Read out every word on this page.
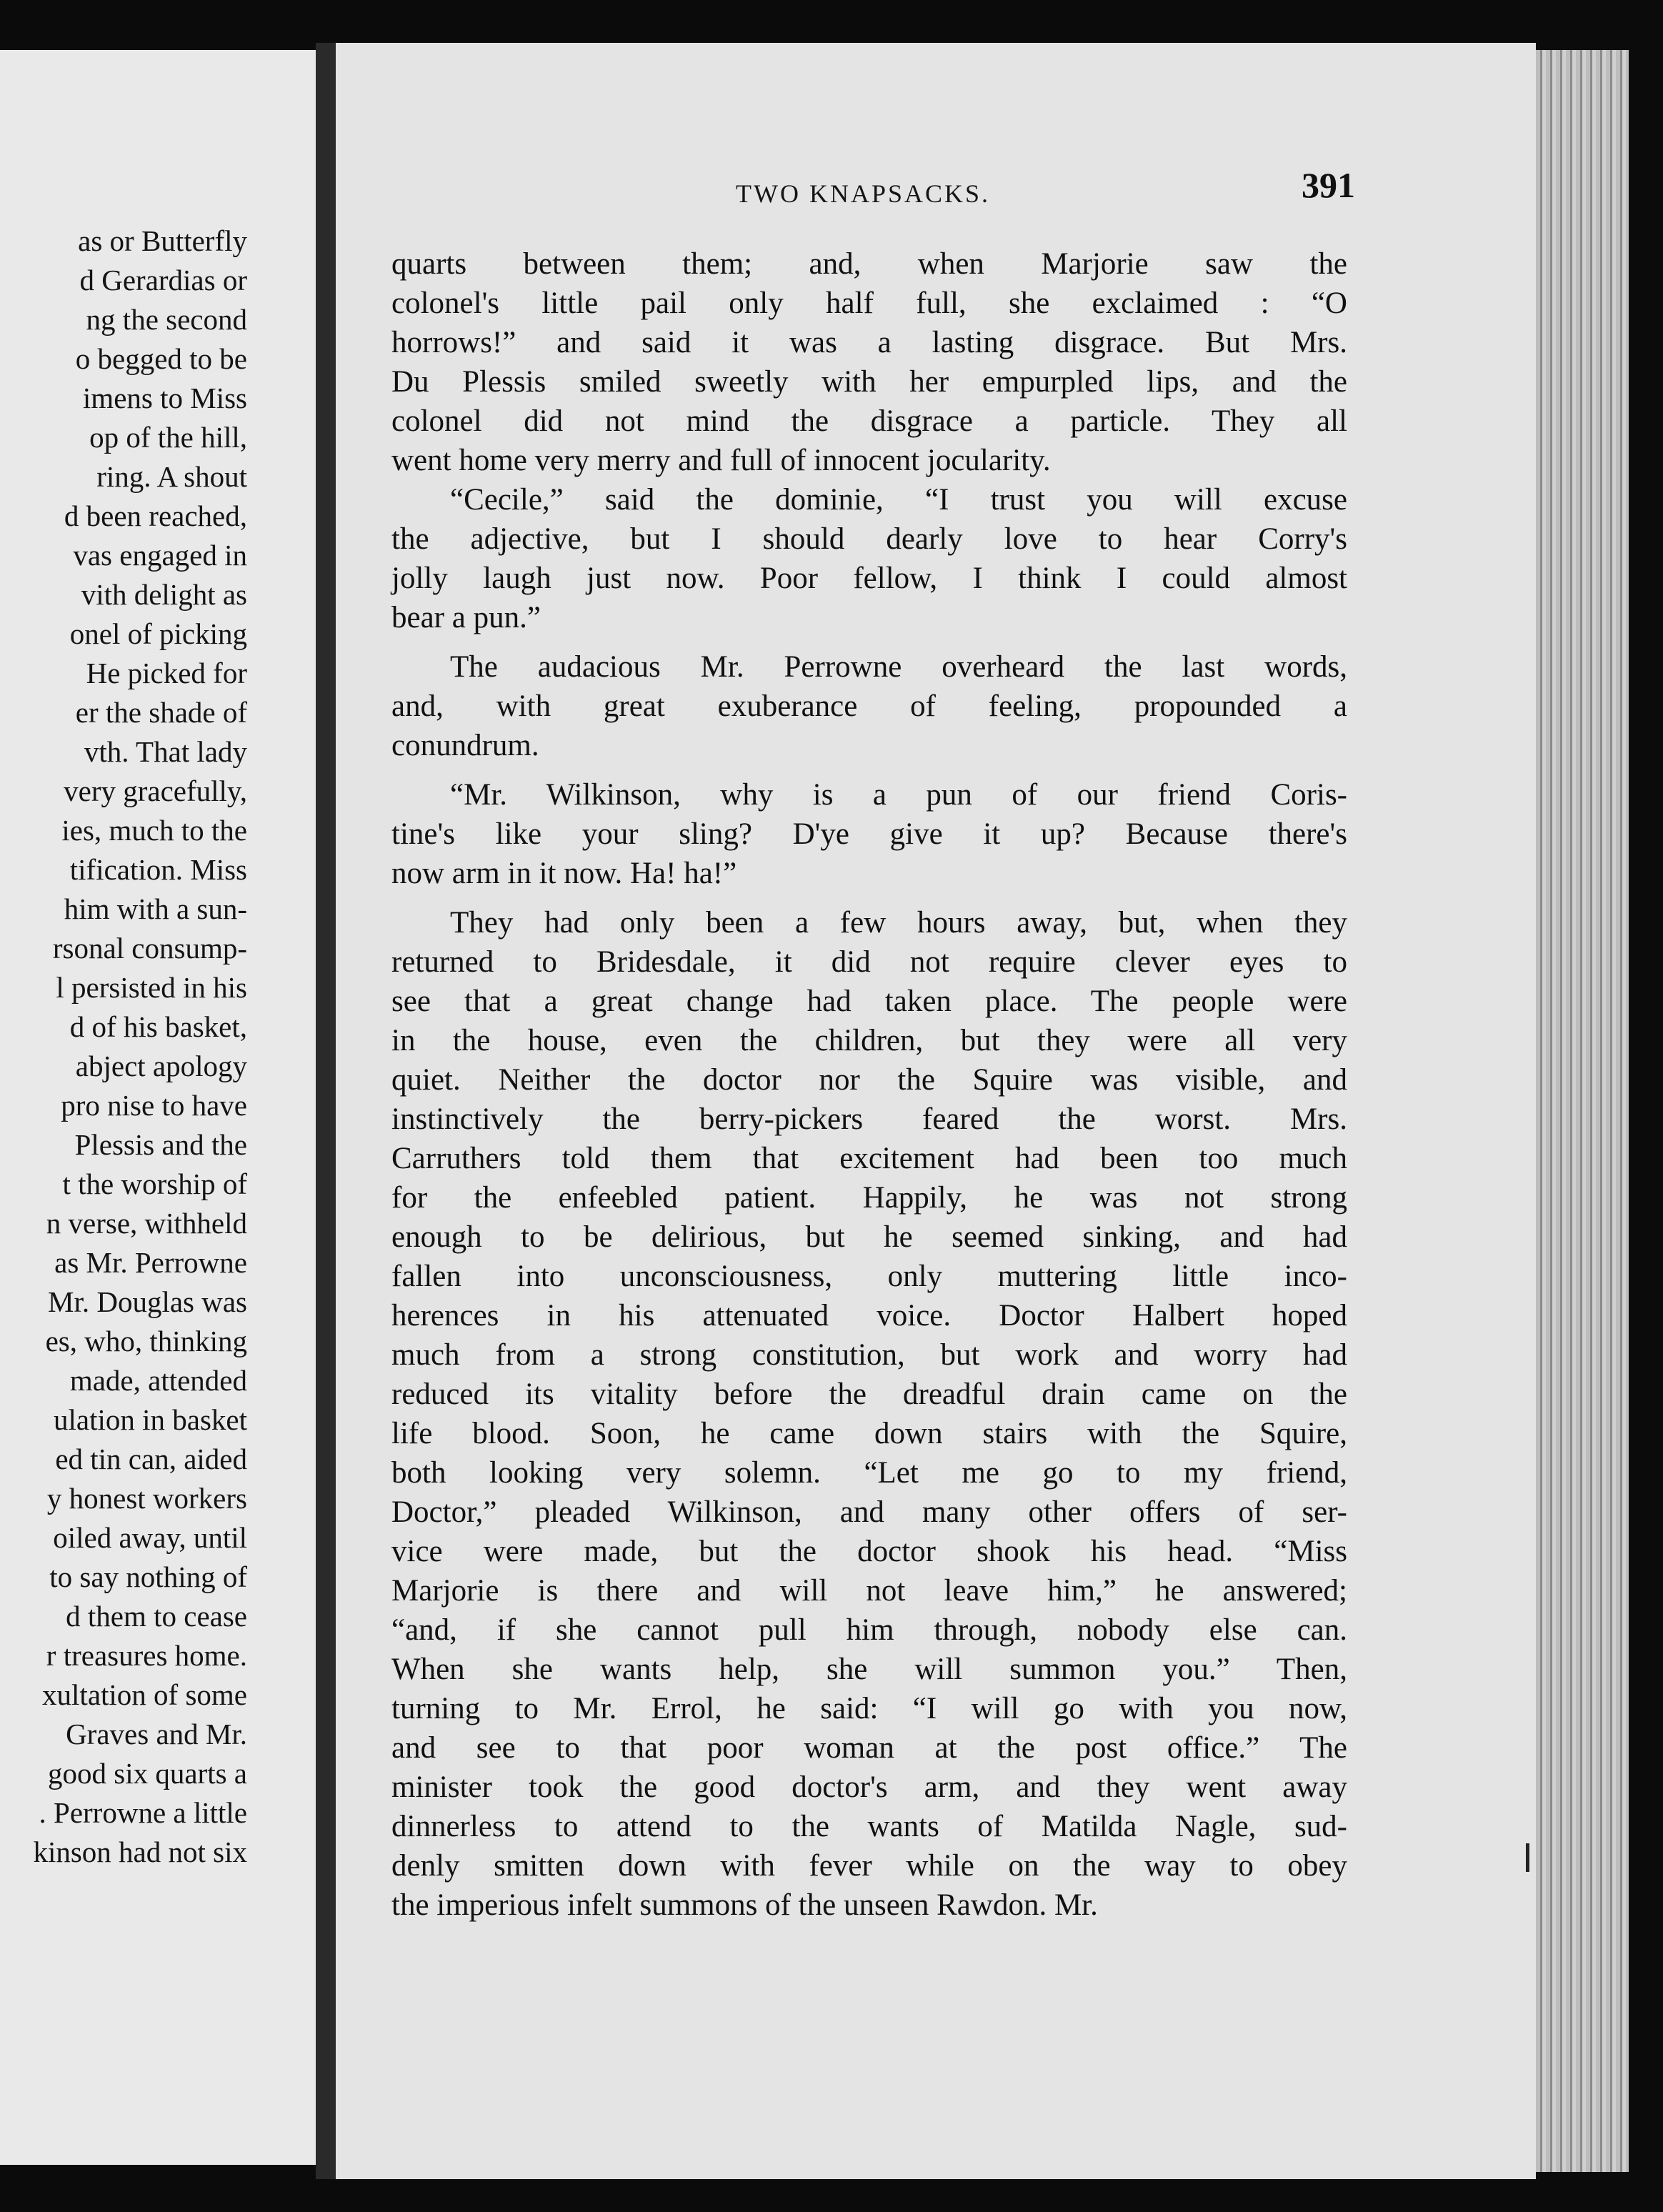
as or Butterfly
d Gerardias or
ng the second
o begged to be
imens to Miss
op of the hill,
ring. A shout
d been reached,
vas engaged in
vith delight as
onel of picking
He picked for
er the shade of
vth. That lady
very gracefully,
ies, much to the
tification. Miss
him with a sun-
rsonal consump-
l persisted in his
d of his basket,
abject apology
pro nise to have
Plessis and the
t the worship of
n verse, withheld
as Mr. Perrowne
Mr. Douglas was
es, who, thinking
made, attended
ulation in basket
ed tin can, aided
y honest workers
oiled away, until
to say nothing of
d them to cease
r treasures home.
xultation of some
Graves and Mr.
good six quarts a
. Perrowne a little
kinson had not six
TWO KNAPSACKS.	391
quarts between them; and, when Marjorie saw the
colonel's little pail only half full, she exclaimed : “O
horrows!” and said it was a lasting disgrace. But Mrs.
Du Plessis smiled sweetly with her empurpled lips, and the
colonel did not mind the disgrace a particle. They all
went home very merry and full of innocent jocularity.
“Cecile,” said the dominie, “I trust you will excuse
the adjective, but I should dearly love to hear Corry's
jolly laugh just now. Poor fellow, I think I could almost
bear a pun.”
The audacious Mr. Perrowne overheard the last words,
and, with great exuberance of feeling, propounded a
conundrum.
“Mr. Wilkinson, why is a pun of our friend Coris-
tine's like your sling? D'ye give it up? Because there's
now arm in it now. Ha! ha!”
They had only been a few hours away, but, when they
returned to Bridesdale, it did not require clever eyes to
see that a great change had taken place. The people were
in the house, even the children, but they were all very
quiet. Neither the doctor nor the Squire was visible, and
instinctively the berry-pickers feared the worst. Mrs.
Carruthers told them that excitement had been too much
for the enfeebled patient. Happily, he was not strong
enough to be delirious, but he seemed sinking, and had
fallen into unconsciousness, only muttering little inco-
herences in his attenuated voice. Doctor Halbert hoped
much from a strong constitution, but work and worry had
reduced its vitality before the dreadful drain came on the
life blood. Soon, he came down stairs with the Squire,
both looking very solemn. “Let me go to my friend,
Doctor,” pleaded Wilkinson, and many other offers of ser-
vice were made, but the doctor shook his head. “Miss
Marjorie is there and will not leave him,” he answered;
“and, if she cannot pull him through, nobody else can.
When she wants help, she will summon you.” Then,
turning to Mr. Errol, he said: “I will go with you now,
and see to that poor woman at the post office.” The
minister took the good doctor's arm, and they went away
dinnerless to attend to the wants of Matilda Nagle, sud-
denly smitten down with fever while on the way to obey
the imperious infelt summons of the unseen Rawdon. Mr.
